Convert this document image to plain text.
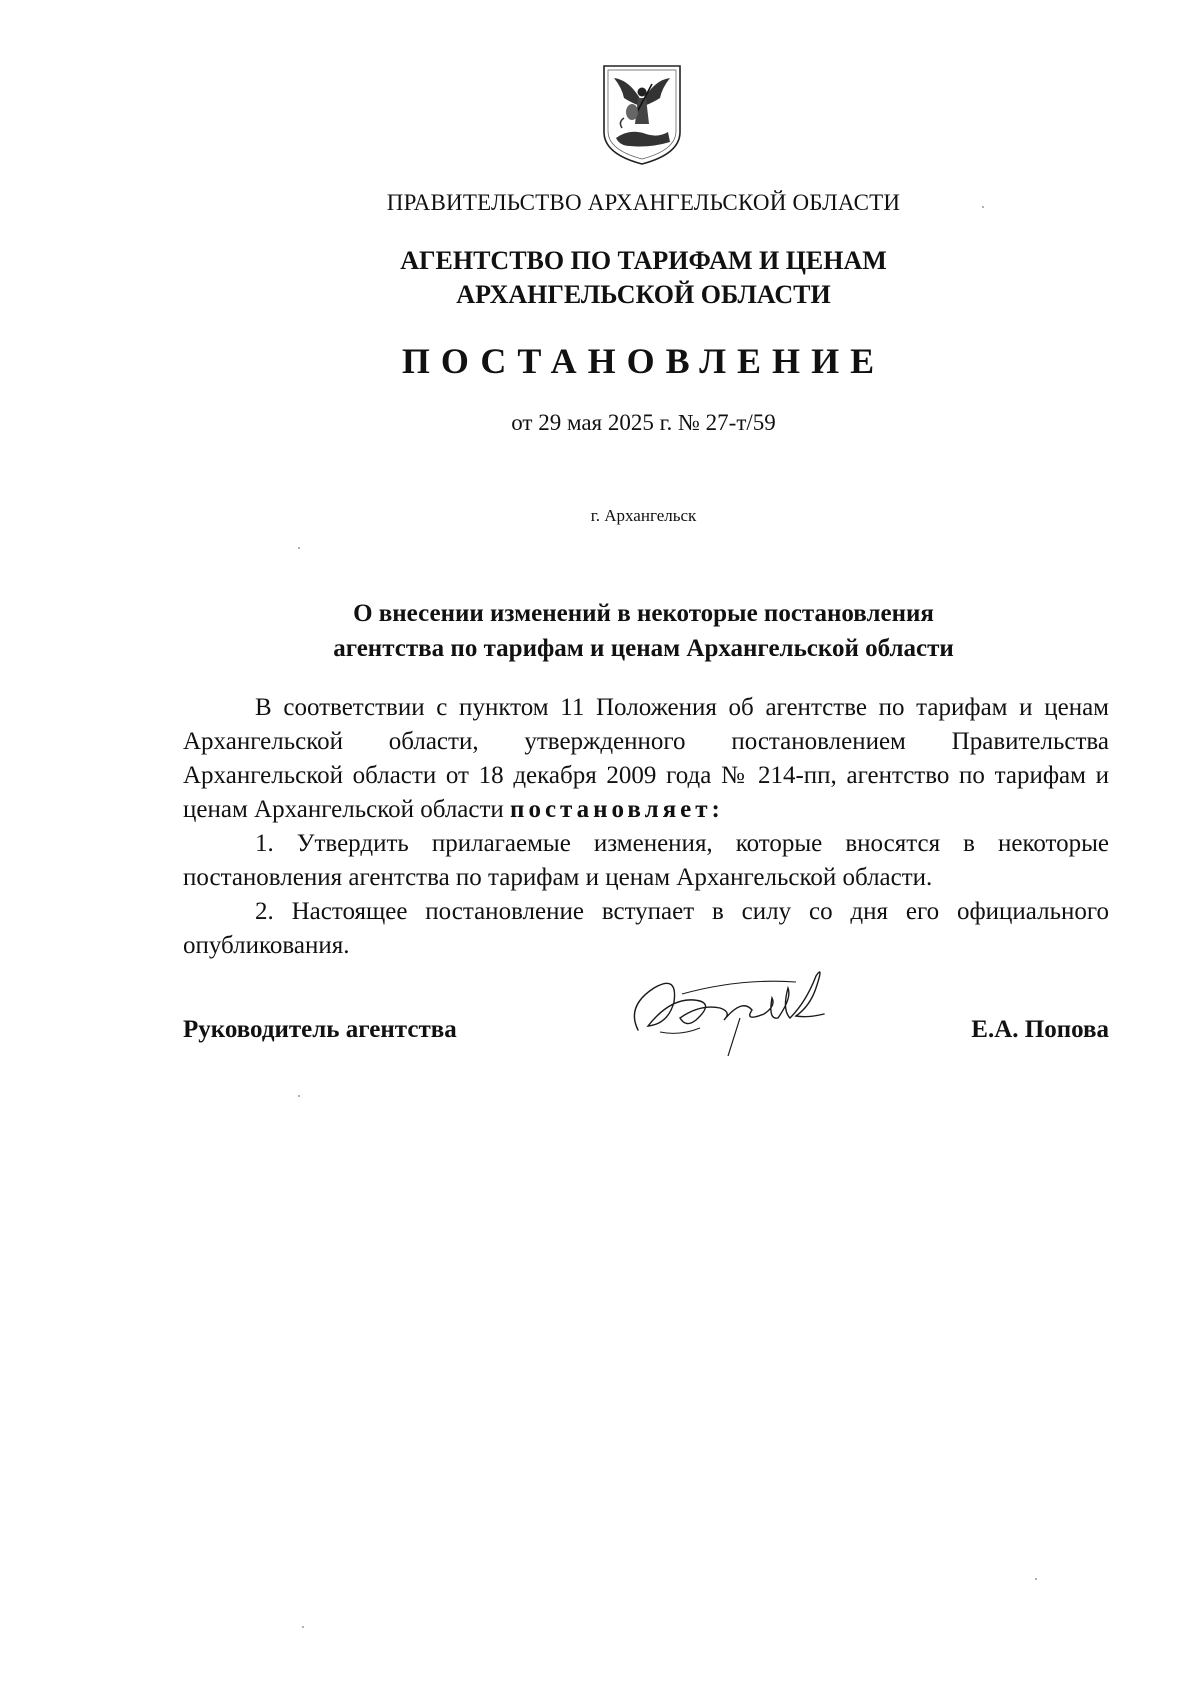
ПРАВИТЕЛЬСТВО АРХАНГЕЛЬСКОЙ ОБЛАСТИ
АГЕНТСТВО ПО ТАРИФАМ И ЦЕНАМ
АРХАНГЕЛЬСКОЙ ОБЛАСТИ
ПОСТАНОВЛЕНИЕ
от 29 мая 2025 г. № 27-т/59
г. Архангельск
О внесении изменений в некоторые постановления
агентства по тарифам и ценам Архангельской области

В соответствии с пунктом 11 Положения об агентстве по тарифам и ценам Архангельской области, утвержденного постановлением Правительства Архангельской области от 18 декабря 2009 года № 214-пп, агентство по тарифам и ценам Архангельской области постановляет:

1. Утвердить прилагаемые изменения, которые вносятся в некоторые постановления агентства по тарифам и ценам Архангельской области.

2. Настоящее постановление вступает в силу со дня его официального опубликования.

Руководитель агентства	Е.А. Попова
